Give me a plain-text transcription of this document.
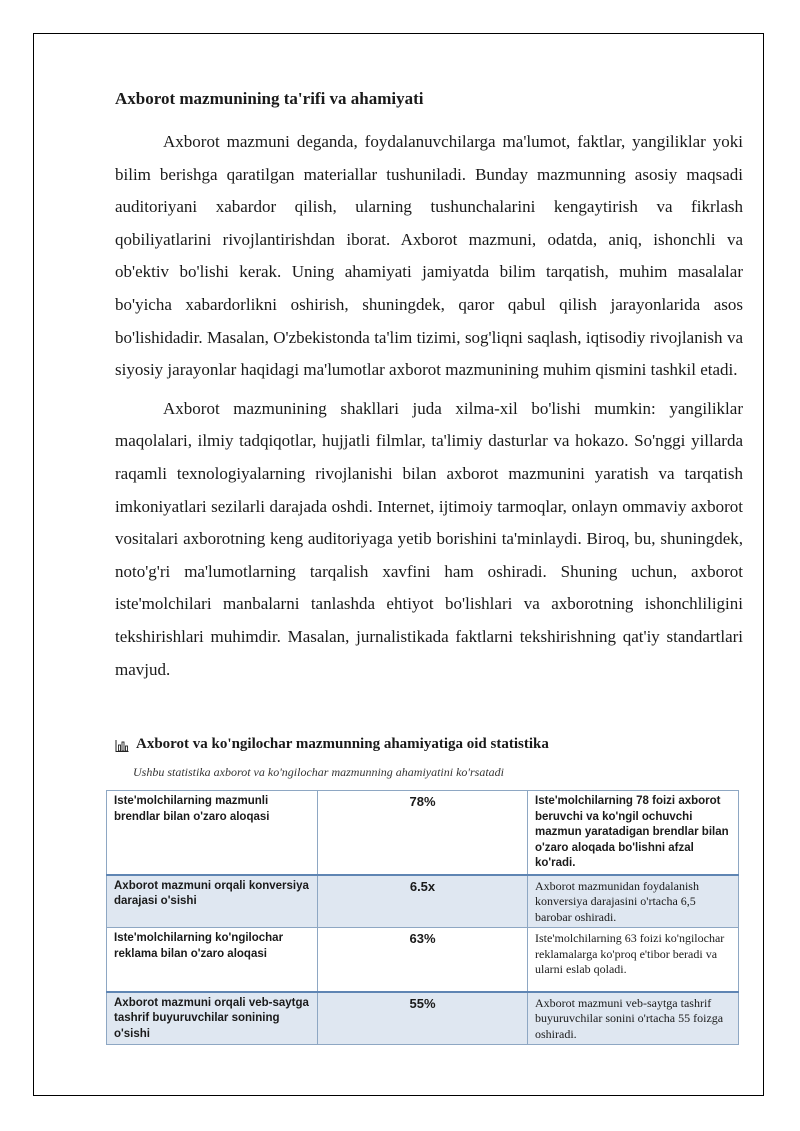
Axborot mazmunining ta'rifi va ahamiyati

Axborot mazmuni deganda, foydalanuvchilarga ma'lumot, faktlar, yangiliklar yoki bilim berishga qaratilgan materiallar tushuniladi. Bunday mazmunning asosiy maqsadi auditoriyani xabardor qilish, ularning tushunchalarini kengaytirish va fikrlash qobiliyatlarini rivojlantirishdan iborat. Axborot mazmuni, odatda, aniq, ishonchli va ob'ektiv bo'lishi kerak. Uning ahamiyati jamiyatda bilim tarqatish, muhim masalalar bo'yicha xabardorlikni oshirish, shuningdek, qaror qabul qilish jarayonlarida asos bo'lishidadir. Masalan, O'zbekistonda ta'lim tizimi, sog'liqni saqlash, iqtisodiy rivojlanish va siyosiy jarayonlar haqidagi ma'lumotlar axborot mazmunining muhim qismini tashkil etadi.

Axborot mazmunining shakllari juda xilma-xil bo'lishi mumkin: yangiliklar maqolalari, ilmiy tadqiqotlar, hujjatli filmlar, ta'limiy dasturlar va hokazo. So'nggi yillarda raqamli texnologiyalarning rivojlanishi bilan axborot mazmunini yaratish va tarqatish imkoniyatlari sezilarli darajada oshdi. Internet, ijtimoiy tarmoqlar, onlayn ommaviy axborot vositalari axborotning keng auditoriyaga yetib borishini ta'minlaydi. Biroq, bu, shuningdek, noto'g'ri ma'lumotlarning tarqalish xavfini ham oshiradi. Shuning uchun, axborot iste'molchilari manbalarni tanlashda ehtiyot bo'lishlari va axborotning ishonchliligini tekshirishlari muhimdir. Masalan, jurnalistikada faktlarni tekshirishning qat'iy standartlari mavjud.

Axborot va ko'ngilochar mazmunning ahamiyatiga oid statistika
Ushbu statistika axborot va ko'ngilochar mazmunning ahamiyatini ko'rsatadi
Iste'molchilarning mazmunli brendlar bilan o'zaro aloqasi	78%	Iste'molchilarning 78 foizi axborot beruvchi va ko'ngil ochuvchi mazmun yaratadigan brendlar bilan o'zaro aloqada bo'lishni afzal ko'radi.
Axborot mazmuni orqali konversiya darajasi o'sishi	6.5x	Axborot mazmunidan foydalanish konversiya darajasini o'rtacha 6,5 barobar oshiradi.
Iste'molchilarning ko'ngilochar reklama bilan o'zaro aloqasi	63%	Iste'molchilarning 63 foizi ko'ngilochar reklamalarga ko'proq e'tibor beradi va ularni eslab qoladi.
Axborot mazmuni orqali veb-saytga tashrif buyuruvchilar sonining o'sishi	55%	Axborot mazmuni veb-saytga tashrif buyuruvchilar sonini o'rtacha 55 foizga oshiradi.
